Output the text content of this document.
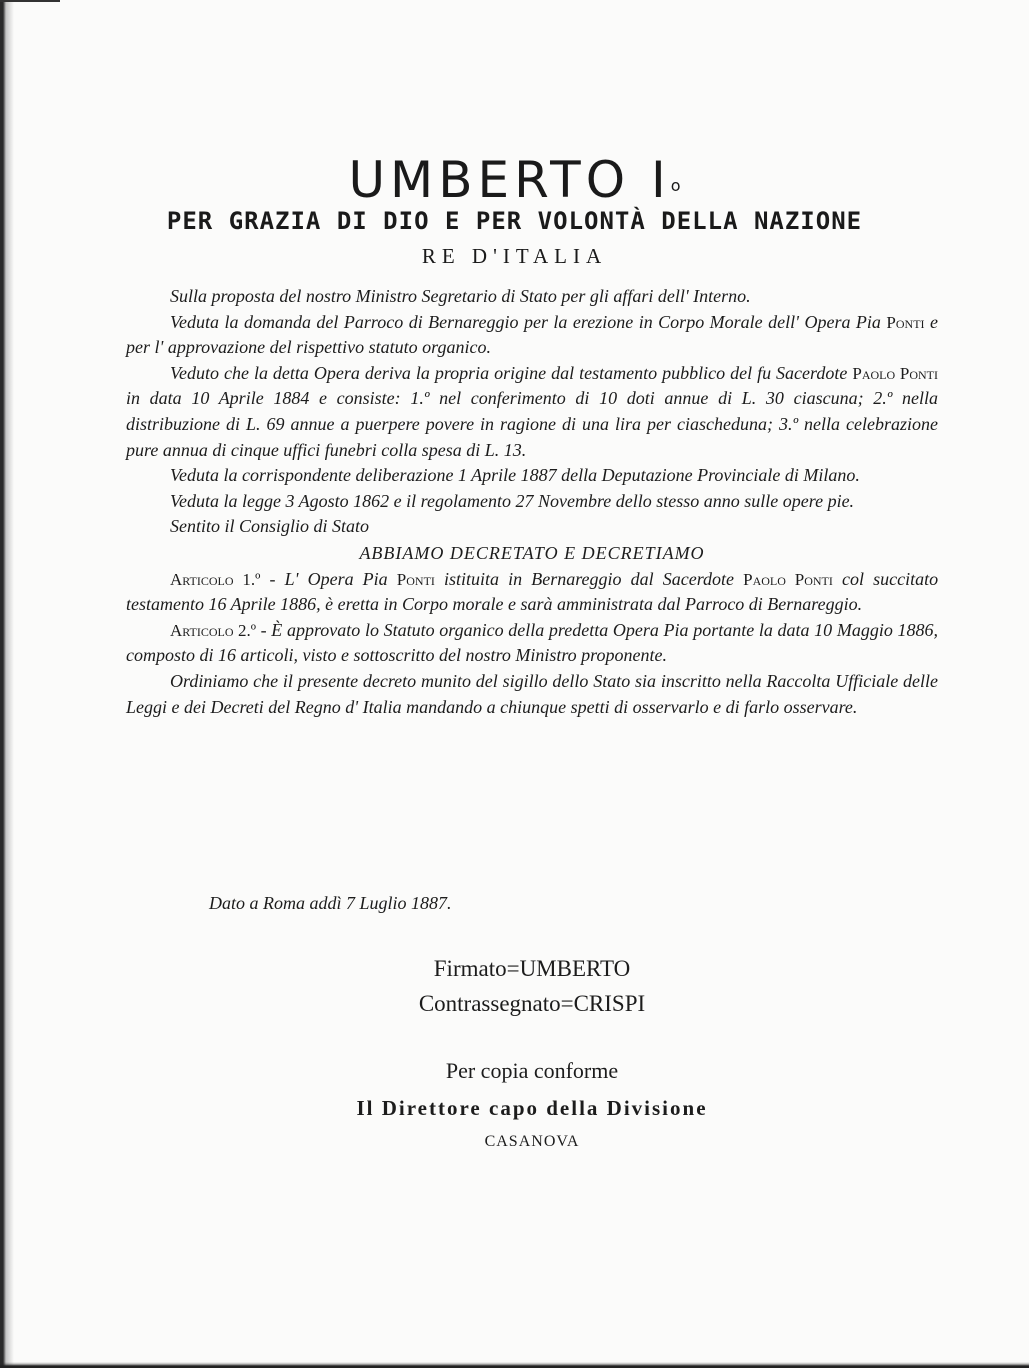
UMBERTO $I^o$
PER GRAZIA DI DIO E PER VOLONTÀ DELLA NAZIONE
RE D'ITALIA

Sulla proposta del nostro Ministro Segretario di Stato per gli affari dell' Interno.

Veduta la domanda del Parroco di Bernareggio per la erezione in Corpo Morale dell' Opera Pia Ponti e per l' approvazione del rispettivo statuto organico.

Veduto che la detta Opera deriva la propria origine dal testamento pubblico del fu Sacerdote Paolo Ponti in data 10 Aprile 1884 e consiste: 1.º nel conferimento di 10 doti annue di L. 30 ciascuna; 2.º nella distribuzione di L. 69 annue a puerpere povere in ragione di una lira per ciascheduna; 3.º nella celebrazione pure annua di cinque uffici funebri colla spesa di L. 13.

Veduta la corrispondente deliberazione 1 Aprile 1887 della Deputazione Provinciale di Milano.

Veduta la legge 3 Agosto 1862 e il regolamento 27 Novembre dello stesso anno sulle opere pie.

Sentito il Consiglio di Stato

ABBIAMO DECRETATO E DECRETIAMO

Articolo 1.º - L' Opera Pia Ponti istituita in Bernareggio dal Sacerdote Paolo Ponti col succitato testamento 16 Aprile 1886, è eretta in Corpo morale e sarà amministrata dal Parroco di Bernareggio.

Articolo 2.º - È approvato lo Statuto organico della predetta Opera Pia portante la data 10 Maggio 1886, composto di 16 articoli, visto e sottoscritto del nostro Ministro proponente.

Ordiniamo che il presente decreto munito del sigillo dello Stato sia inscritto nella Raccolta Ufficiale delle Leggi e dei Decreti del Regno d' Italia mandando a chiunque spetti di osservarlo e di farlo osservare.

Dato a Roma addì 7 Luglio 1887.
Firmato=UMBERTO
Contrassegnato=CRISPI
Per copia conforme
Il Direttore capo della Divisione
CASANOVA
